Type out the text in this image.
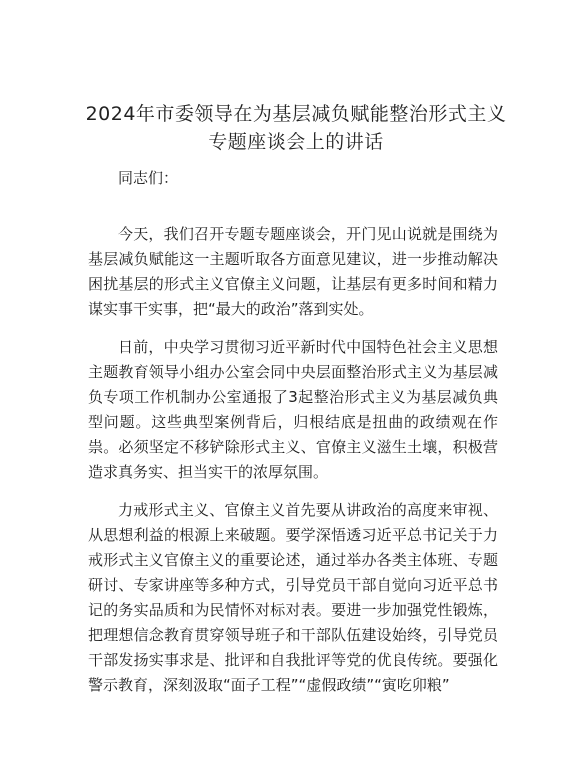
2024年市委领导在为基层减负赋能整治形式主义专题座谈会上的讲话
同志们：

今天，我们召开专题专题座谈会，开门见山说就是围绕为基层减负赋能这一主题听取各方面意见建议，进一步推动解决困扰基层的形式主义官僚主义问题，让基层有更多时间和精力谋实事干实事，把“最大的政治”落到实处。

日前，中央学习贯彻习近平新时代中国特色社会主义思想主题教育领导小组办公室会同中央层面整治形式主义为基层减负专项工作机制办公室通报了3起整治形式主义为基层减负典型问题。这些典型案例背后，归根结底是扭曲的政绩观在作祟。必须坚定不移铲除形式主义、官僚主义滋生土壤，积极营造求真务实、担当实干的浓厚氛围。

力戒形式主义、官僚主义首先要从讲政治的高度来审视、从思想利益的根源上来破题。要学深悟透习近平总书记关于力戒形式主义官僚主义的重要论述，通过举办各类主体班、专题研讨、专家讲座等多种方式，引导党员干部自觉向习近平总书记的务实品质和为民情怀对标对表。要进一步加强党性锻炼，把理想信念教育贯穿领导班子和干部队伍建设始终，引导党员干部发扬实事求是、批评和自我批评等党的优良传统。要强化警示教育，深刻汲取“面子工程”“虚假政绩”“寅吃卯粮”
